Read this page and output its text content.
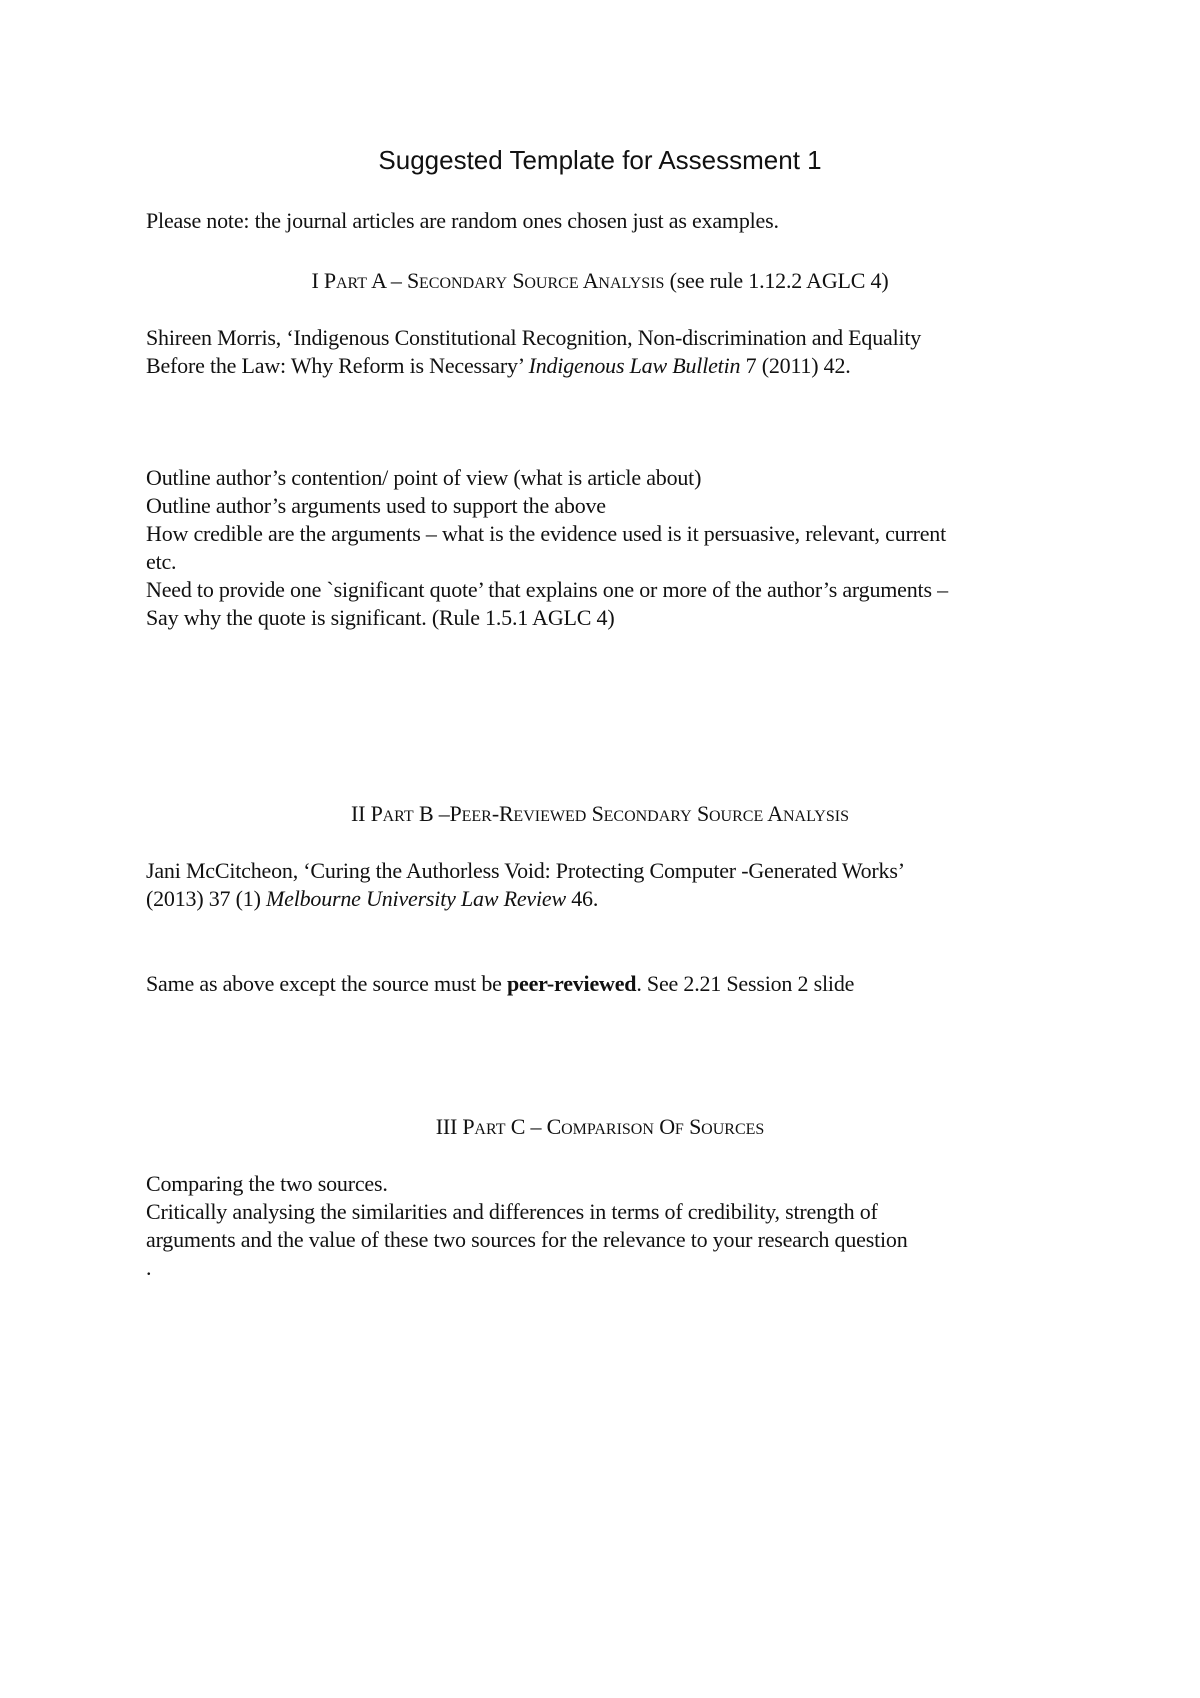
Suggested Template for Assessment 1
Please note: the journal articles are random ones chosen just as examples.
I PART A – SECONDARY SOURCE ANALYSIS (see rule 1.12.2 AGLC 4)
Shireen Morris, ‘Indigenous Constitutional Recognition, Non-discrimination and Equality
Before the Law: Why Reform is Necessary’ Indigenous Law Bulletin 7 (2011) 42.
Outline author’s contention/ point of view (what is article about)
Outline author’s arguments used to support the above
How credible are the arguments – what is the evidence used is it persuasive, relevant, current
etc.
Need to provide one `significant quote’ that explains one or more of the author’s arguments –
Say why the quote is significant. (Rule 1.5.1 AGLC 4)
II PART B –PEER-REVIEWED SECONDARY SOURCE ANALYSIS
Jani McCitcheon, ‘Curing the Authorless Void: Protecting Computer -Generated Works’
(2013) 37 (1) Melbourne University Law Review 46.
Same as above except the source must be peer-reviewed. See 2.21 Session 2 slide
III PART C – COMPARISON OF SOURCES
Comparing the two sources.
Critically analysing the similarities and differences in terms of credibility, strength of
arguments and the value of these two sources for the relevance to your research question
.
